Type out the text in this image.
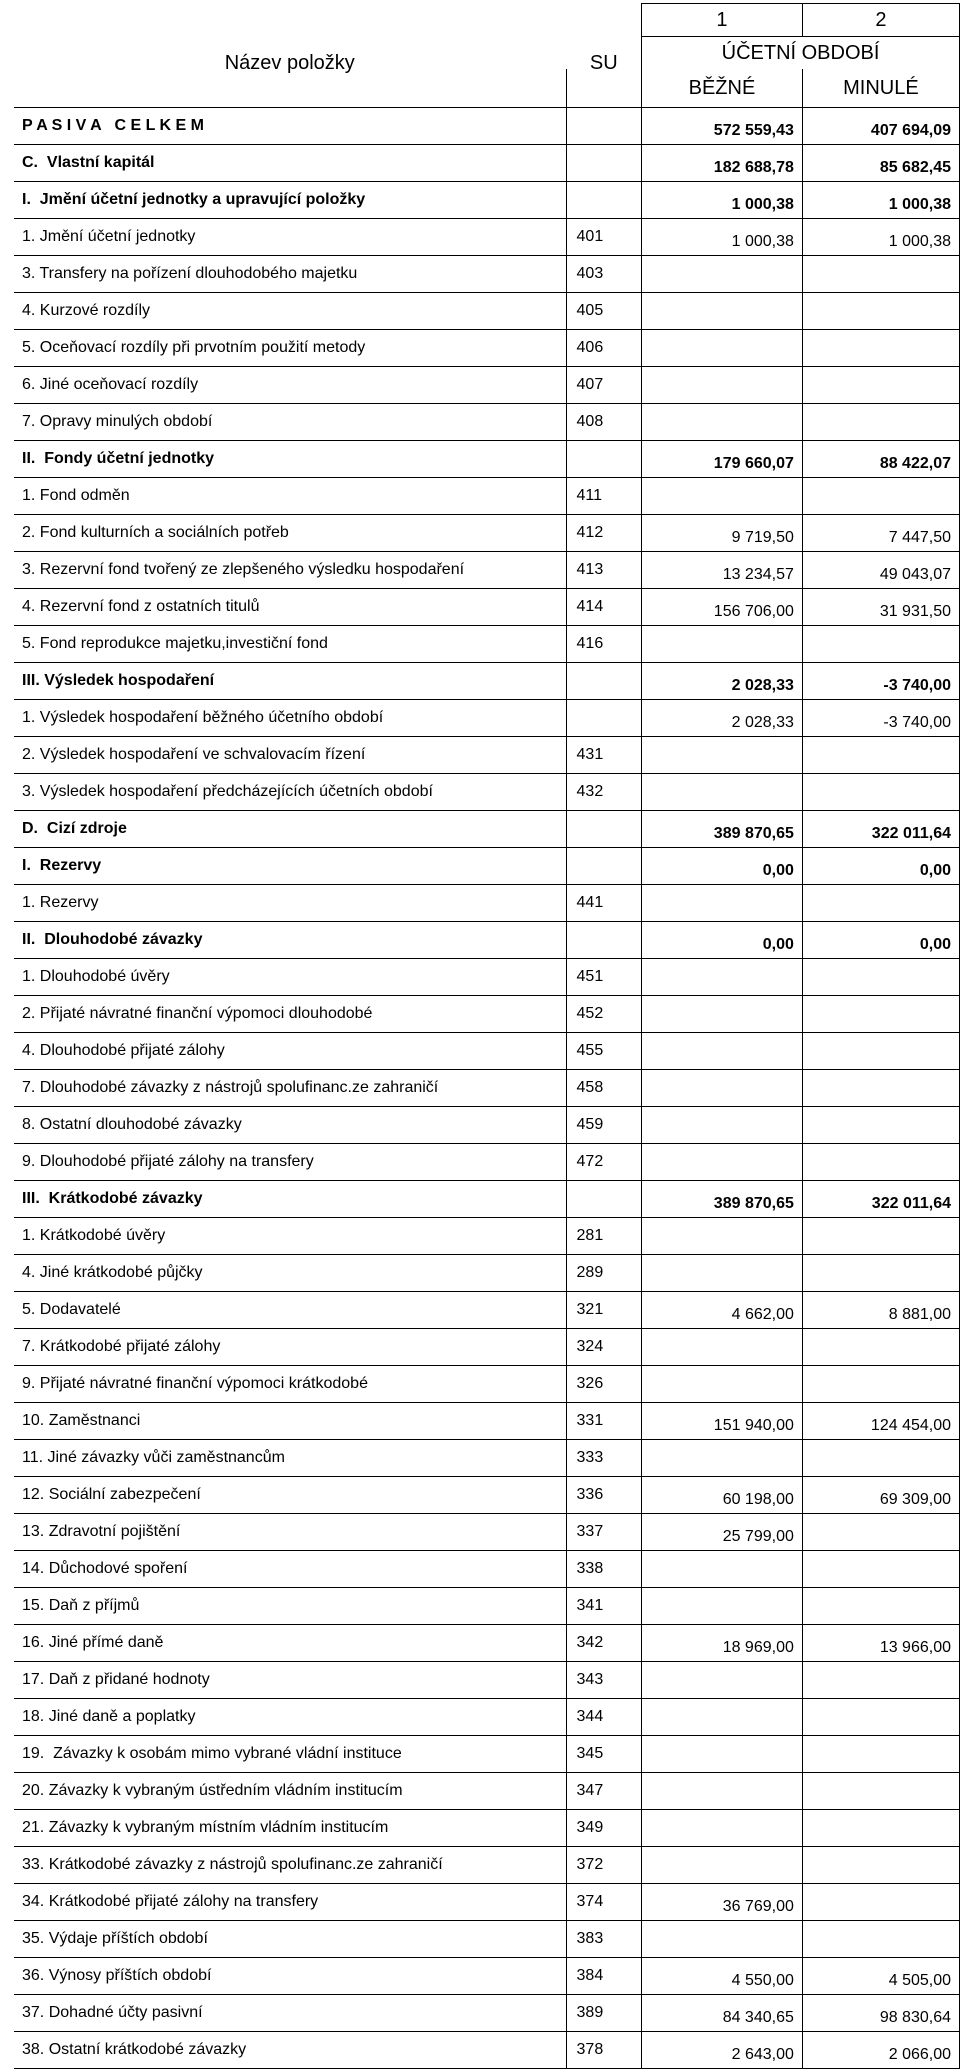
		1	2
		ÚČETNÍ OBDOBÍ	
Název položky	SU	BĚŽNÉ	MINULÉ
P A S I V A   C E L K E M		572 559,43	407 694,09
C.  Vlastní kapitál		182 688,78	85 682,45
I.  Jmění účetní jednotky a upravující položky		1 000,38	1 000,38
1. Jmění účetní jednotky	401	1 000,38	1 000,38
3. Transfery na pořízení dlouhodobého majetku	403		
4. Kurzové rozdíly	405		
5. Oceňovací rozdíly při prvotním použití metody	406		
6. Jiné oceňovací rozdíly	407		
7. Opravy minulých období	408		
II.  Fondy účetní jednotky		179 660,07	88 422,07
1. Fond odměn	411		
2. Fond kulturních a sociálních potřeb	412	9 719,50	7 447,50
3. Rezervní fond tvořený ze zlepšeného výsledku hospodaření	413	13 234,57	49 043,07
4. Rezervní fond z ostatních titulů	414	156 706,00	31 931,50
5. Fond reprodukce majetku,investiční fond	416		
III. Výsledek hospodaření		2 028,33	-3 740,00
1. Výsledek hospodaření běžného účetního období		2 028,33	-3 740,00
2. Výsledek hospodaření ve schvalovacím řízení	431		
3. Výsledek hospodaření předcházejících účetních období	432		
D.  Cizí zdroje		389 870,65	322 011,64
I.  Rezervy		0,00	0,00
1. Rezervy	441		
II.  Dlouhodobé závazky		0,00	0,00
1. Dlouhodobé úvěry	451		
2. Přijaté návratné finanční výpomoci dlouhodobé	452		
4. Dlouhodobé přijaté zálohy	455		
7. Dlouhodobé závazky z nástrojů spolufinanc.ze zahraničí	458		
8. Ostatní dlouhodobé závazky	459		
9. Dlouhodobé přijaté zálohy na transfery	472		
III.  Krátkodobé závazky		389 870,65	322 011,64
1. Krátkodobé úvěry	281		
4. Jiné krátkodobé půjčky	289		
5. Dodavatelé	321	4 662,00	8 881,00
7. Krátkodobé přijaté zálohy	324		
9. Přijaté návratné finanční výpomoci krátkodobé	326		
10. Zaměstnanci	331	151 940,00	124 454,00
11. Jiné závazky vůči zaměstnancům	333		
12. Sociální zabezpečení	336	60 198,00	69 309,00
13. Zdravotní pojištění	337	25 799,00	
14. Důchodové spoření	338		
15. Daň z příjmů	341		
16. Jiné přímé daně	342	18 969,00	13 966,00
17. Daň z přidané hodnoty	343		
18. Jiné daně a poplatky	344		
19.  Závazky k osobám mimo vybrané vládní instituce	345		
20. Závazky k vybraným ústředním vládním institucím	347		
21. Závazky k vybraným místním vládním institucím	349		
33. Krátkodobé závazky z nástrojů spolufinanc.ze zahraničí	372		
34. Krátkodobé přijaté zálohy na transfery	374	36 769,00	
35. Výdaje příštích období	383		
36. Výnosy příštích období	384	4 550,00	4 505,00
37. Dohadné účty pasivní	389	84 340,65	98 830,64
38. Ostatní krátkodobé závazky	378	2 643,00	2 066,00
